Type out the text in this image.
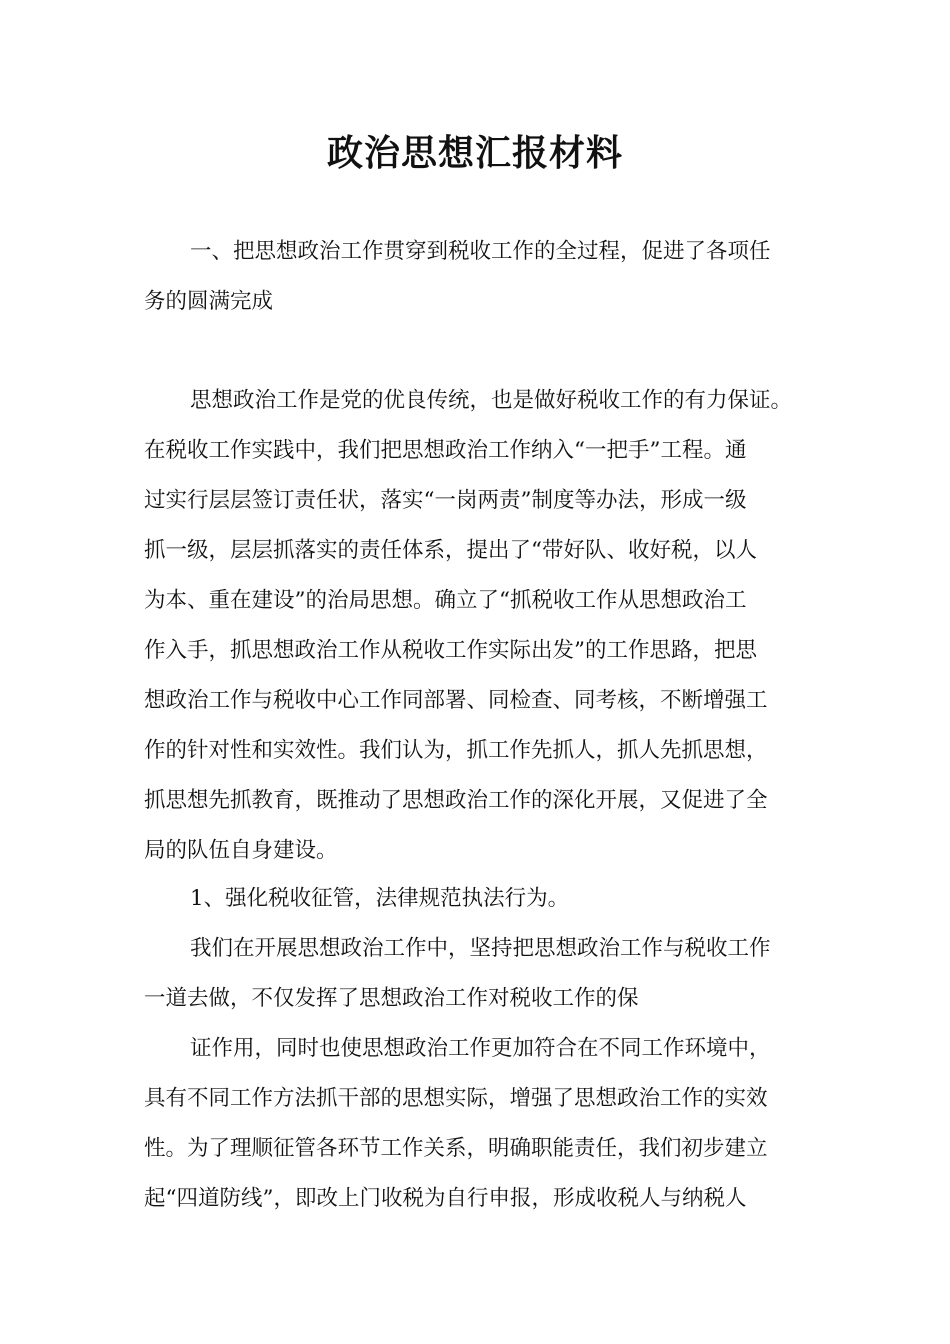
政治思想汇报材料

一、把思想政治工作贯穿到税收工作的全过程，促进了各项任

务的圆满完成

思想政治工作是党的优良传统，也是做好税收工作的有力保证。

在税收工作实践中，我们把思想政治工作纳入“一把手”工程。通

过实行层层签订责任状，落实“一岗两责”制度等办法，形成一级

抓一级，层层抓落实的责任体系，提出了“带好队、收好税，以人

为本、重在建设”的治局思想。确立了“抓税收工作从思想政治工

作入手，抓思想政治工作从税收工作实际出发”的工作思路，把思

想政治工作与税收中心工作同部署、同检查、同考核，不断增强工

作的针对性和实效性。我们认为，抓工作先抓人，抓人先抓思想，

抓思想先抓教育，既推动了思想政治工作的深化开展，又促进了全

局的队伍自身建设。

1、强化税收征管，法律规范执法行为。

我们在开展思想政治工作中，坚持把思想政治工作与税收工作

一道去做，不仅发挥了思想政治工作对税收工作的保

证作用，同时也使思想政治工作更加符合在不同工作环境中，

具有不同工作方法抓干部的思想实际，增强了思想政治工作的实效

性。为了理顺征管各环节工作关系，明确职能责任，我们初步建立

起“四道防线”，即改上门收税为自行申报，形成收税人与纳税人
